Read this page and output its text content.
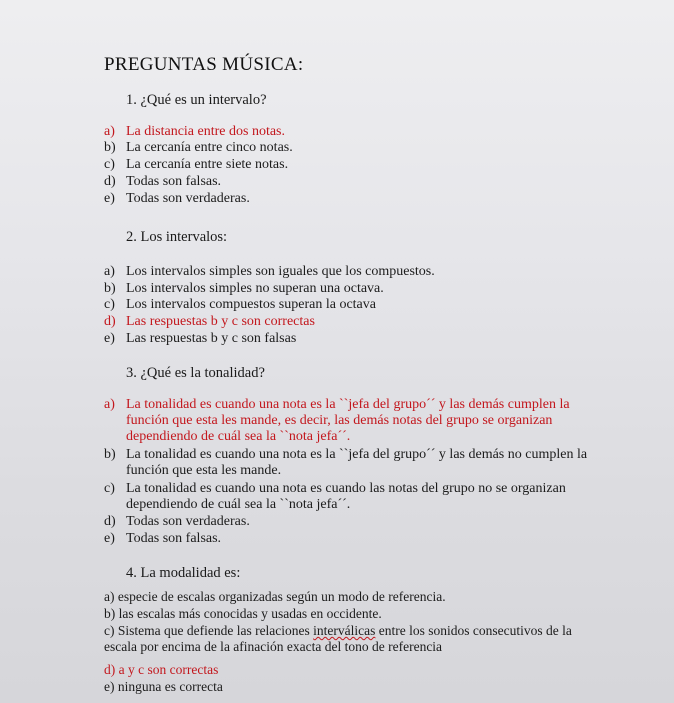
PREGUNTAS MÚSICA:
1. ¿Qué es un intervalo?
a) La distancia entre dos notas.
b) La cercanía entre cinco notas.
c) La cercanía entre siete notas.
d) Todas son falsas.
e) Todas son verdaderas.
2. Los intervalos:
a) Los intervalos simples son iguales que los compuestos.
b) Los intervalos simples no superan una octava.
c) Los intervalos compuestos superan la octava
d) Las respuestas b y c son correctas
e) Las respuestas b y c son falsas
3. ¿Qué es la tonalidad?
a) La tonalidad es cuando una nota es la ``jefa del grupo´´ y las demás cumplen la
función que esta les mande, es decir, las demás notas del grupo se organizan
dependiendo de cuál sea la ``nota jefa´´.
b) La tonalidad es cuando una nota es la ``jefa del grupo´´ y las demás no cumplen la
función que esta les mande.
c) La tonalidad es cuando una nota es cuando las notas del grupo no se organizan
dependiendo de cuál sea la ``nota jefa´´.
d) Todas son verdaderas.
e) Todas son falsas.
4. La modalidad es:
a) especie de escalas organizadas según un modo de referencia.
b) las escalas más conocidas y usadas en occidente.
c) Sistema que defiende las relaciones interválicas entre los sonidos consecutivos de la
escala por encima de la afinación exacta del tono de referencia
d) a y c son correctas
e) ninguna es correcta
